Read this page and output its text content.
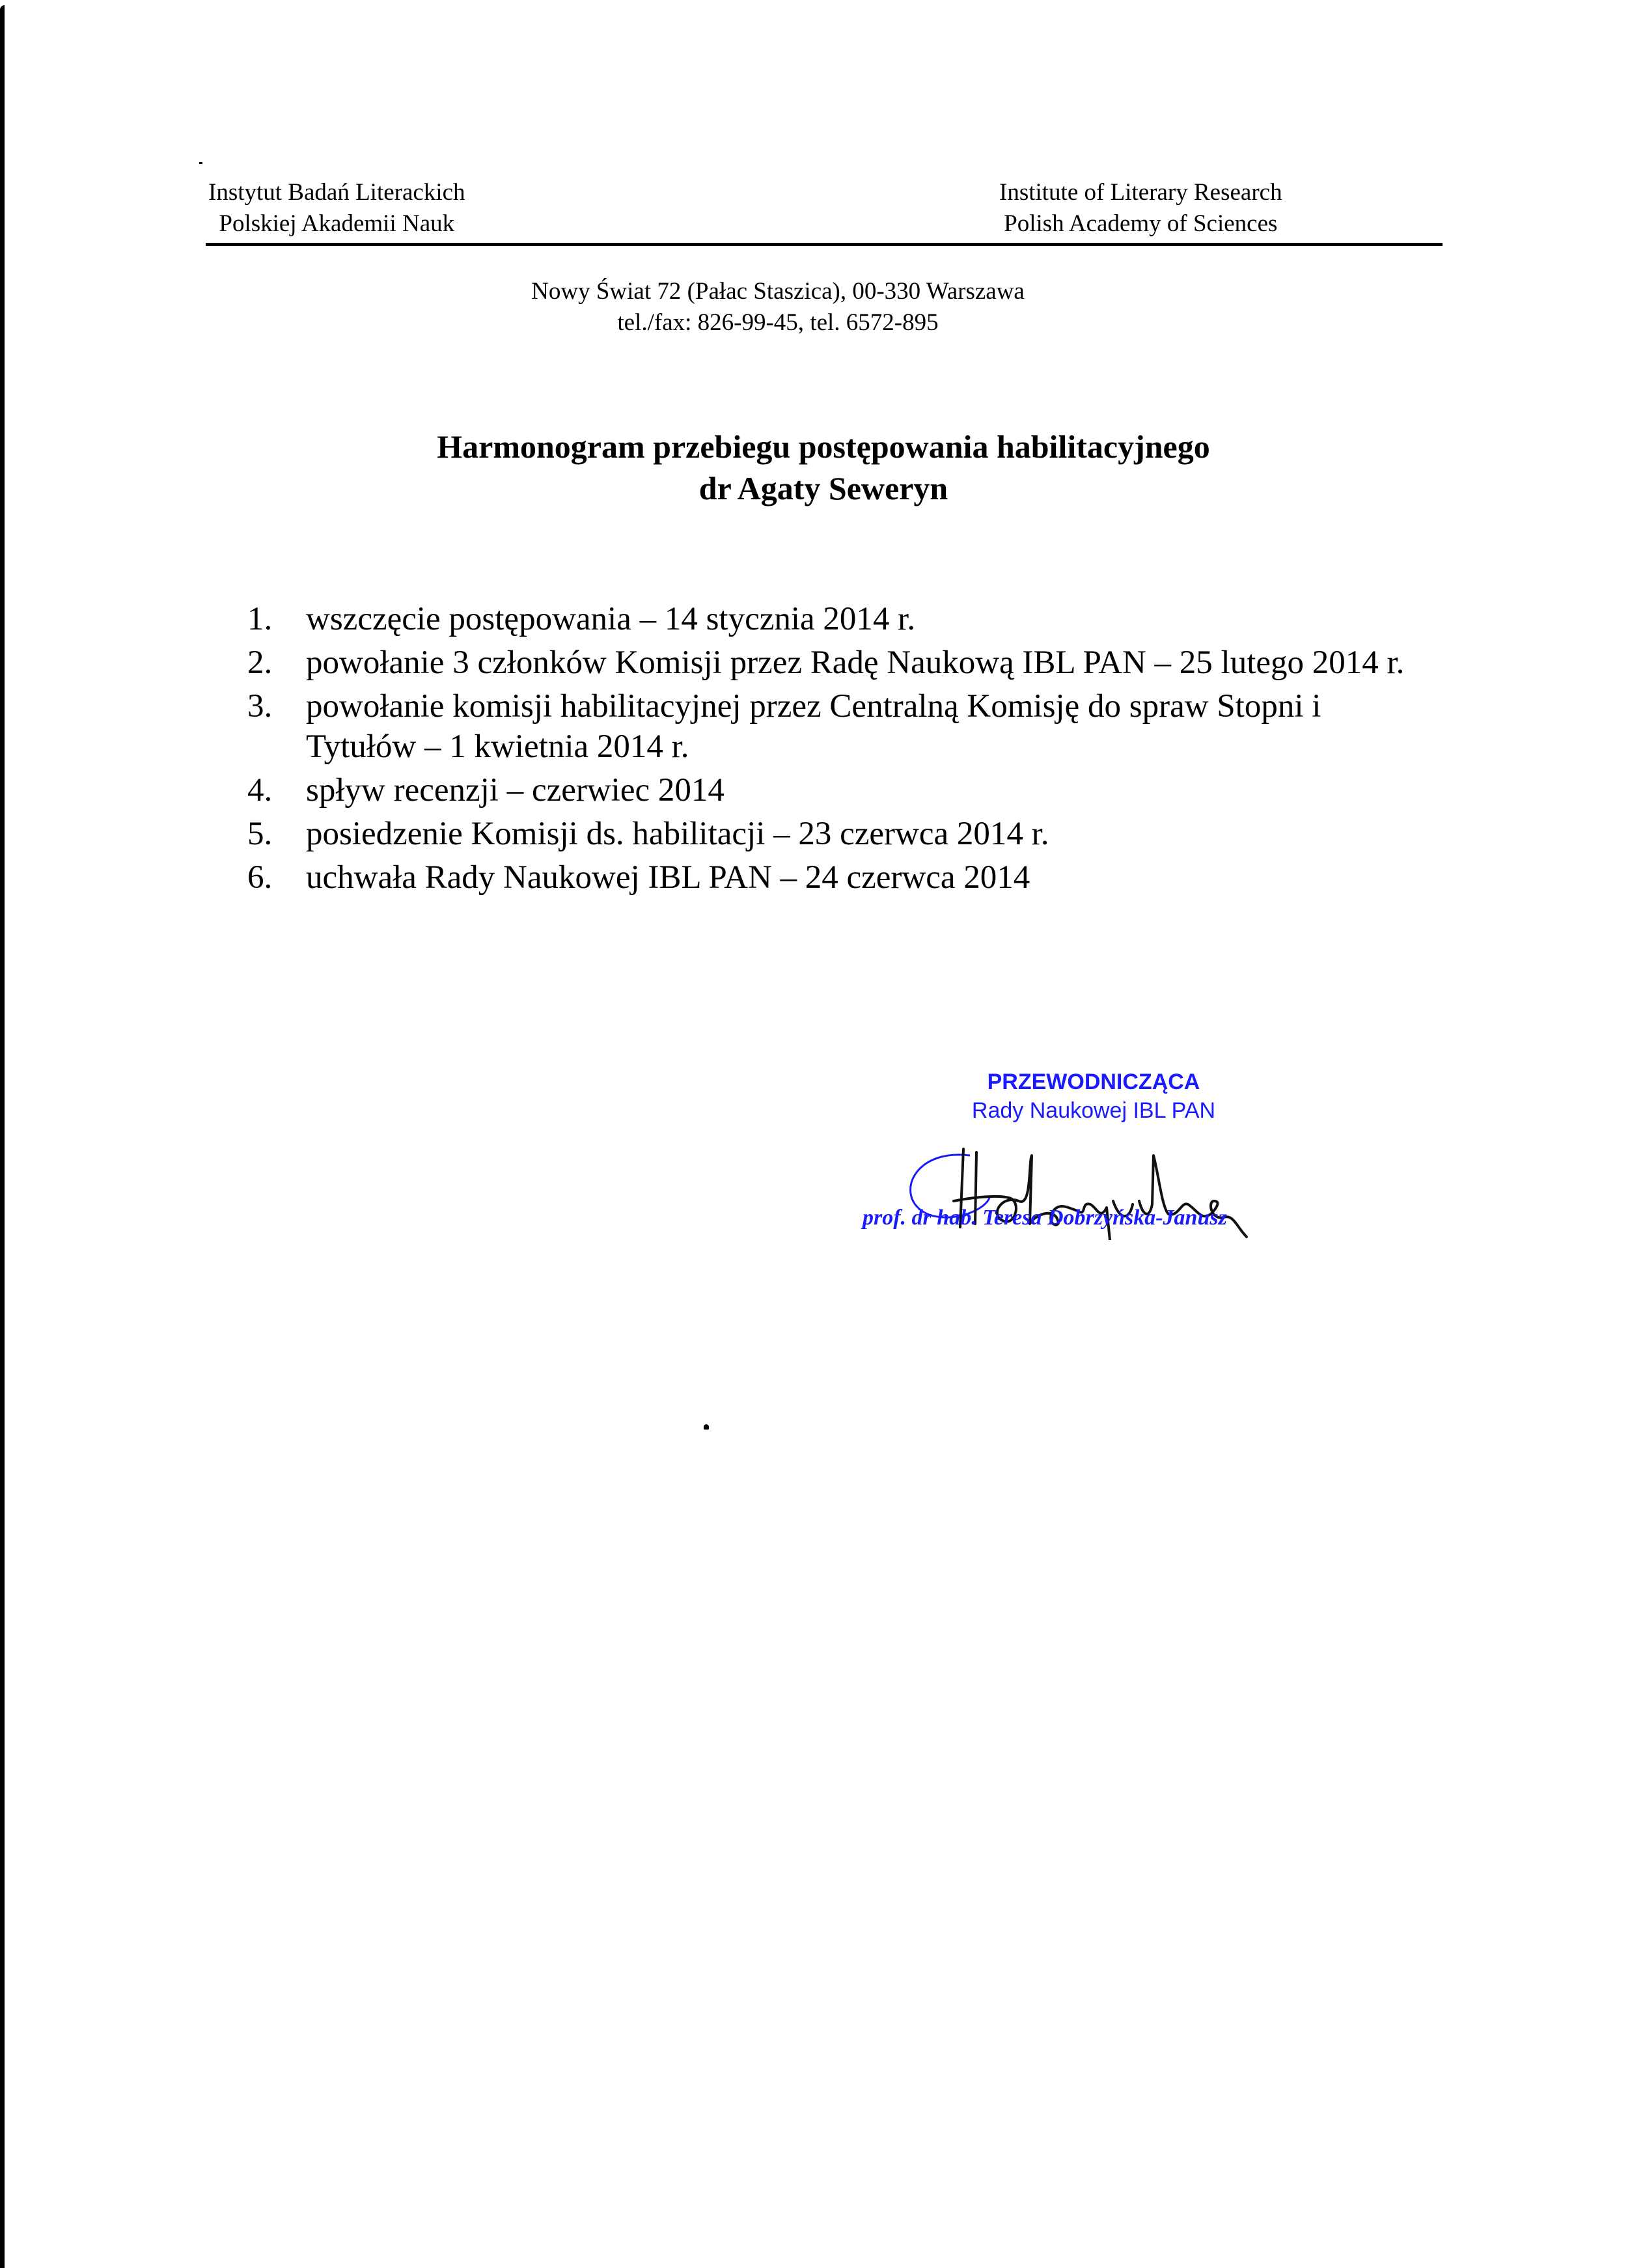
Instytut Badań Literackich
Polskiej Akademii Nauk
Institute of Literary Research
Polish Academy of Sciences
Nowy Świat 72 (Pałac Staszica), 00-330 Warszawa
tel./fax: 826-99-45, tel. 6572-895
Harmonogram przebiegu postępowania habilitacyjnego
dr Agaty Seweryn
1. wszczęcie postępowania – 14 stycznia 2014 r.
2. powołanie 3 członków Komisji przez Radę Naukową IBL PAN – 25 lutego 2014 r.
3. powołanie komisji habilitacyjnej przez Centralną Komisję do spraw Stopni i Tytułów – 1 kwietnia 2014 r.
4. spływ recenzji – czerwiec 2014
5. posiedzenie Komisji ds. habilitacji – 23 czerwca 2014 r.
6. uchwała Rady Naukowej IBL PAN – 24 czerwca 2014
PRZEWODNICZĄCA
Rady Naukowej IBL PAN
prof. dr hab. Teresa Dobrzyńska-Janusz
